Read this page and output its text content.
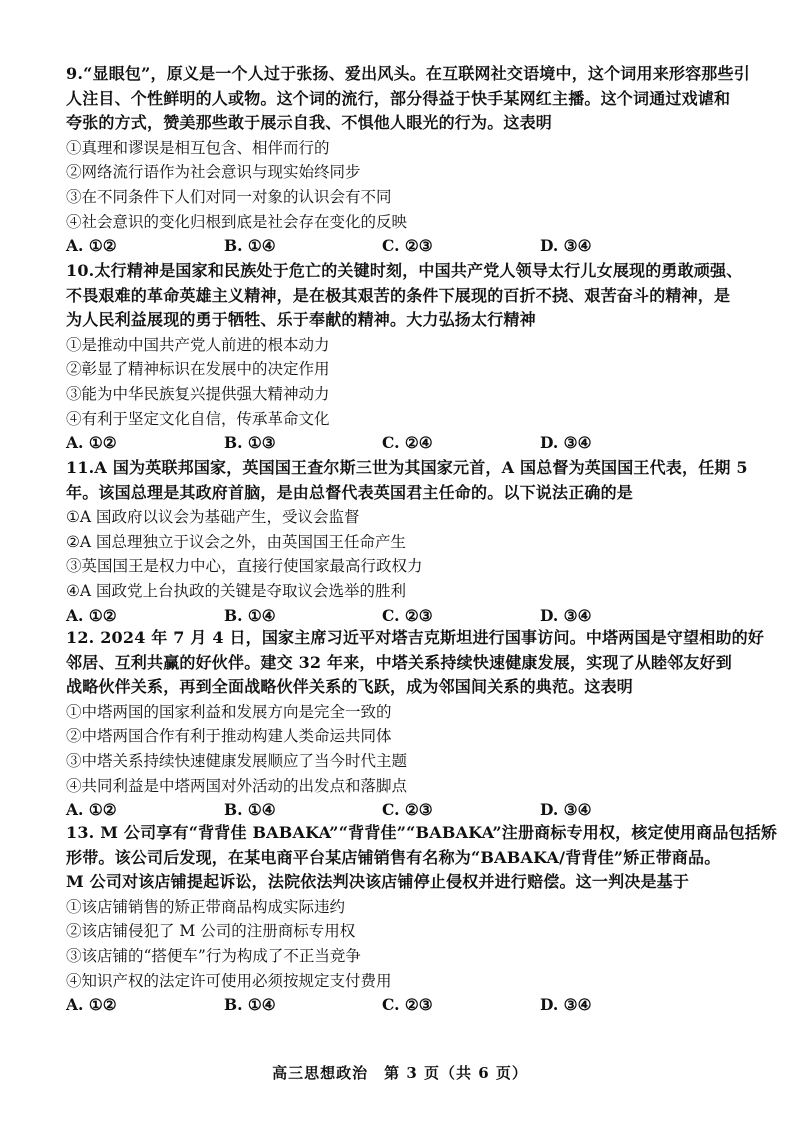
9.“显眼包”，原义是一个人过于张扬、爱出风头。在互联网社交语境中，这个词用来形容那些引
人注目、个性鲜明的人或物。这个词的流行，部分得益于快手某网红主播。这个词通过戏谑和
夸张的方式，赞美那些敢于展示自我、不惧他人眼光的行为。这表明
①真理和谬误是相互包含、相伴而行的
②网络流行语作为社会意识与现实始终同步
③在不同条件下人们对同一对象的认识会有不同
④社会意识的变化归根到底是社会存在变化的反映
A. ①②	B. ①④	C. ②③	D. ③④
10.太行精神是国家和民族处于危亡的关键时刻，中国共产党人领导太行儿女展现的勇敢顽强、
不畏艰难的革命英雄主义精神，是在极其艰苦的条件下展现的百折不挠、艰苦奋斗的精神，是
为人民利益展现的勇于牺牲、乐于奉献的精神。大力弘扬太行精神
①是推动中国共产党人前进的根本动力
②彰显了精神标识在发展中的决定作用
③能为中华民族复兴提供强大精神动力
④有利于坚定文化自信，传承革命文化
A. ①②	B. ①③	C. ②④	D. ③④
11.A 国为英联邦国家，英国国王查尔斯三世为其国家元首，A 国总督为英国国王代表，任期 5
年。该国总理是其政府首脑，是由总督代表英国君主任命的。以下说法正确的是
①A 国政府以议会为基础产生，受议会监督
②A 国总理独立于议会之外，由英国国王任命产生
③英国国王是权力中心，直接行使国家最高行政权力
④A 国政党上台执政的关键是夺取议会选举的胜利
A. ①②	B. ①④	C. ②③	D. ③④
12. 2024 年 7 月 4 日，国家主席习近平对塔吉克斯坦进行国事访问。中塔两国是守望相助的好
邻居、互利共赢的好伙伴。建交 32 年来，中塔关系持续快速健康发展，实现了从睦邻友好到
战略伙伴关系，再到全面战略伙伴关系的飞跃，成为邻国间关系的典范。这表明
①中塔两国的国家利益和发展方向是完全一致的
②中塔两国合作有利于推动构建人类命运共同体
③中塔关系持续快速健康发展顺应了当今时代主题
④共同利益是中塔两国对外活动的出发点和落脚点
A. ①②	B. ①④	C. ②③	D. ③④
13. M 公司享有“背背佳 BABAKA”“背背佳”“BABAKA”注册商标专用权，核定使用商品包括矫
形带。该公司后发现，在某电商平台某店铺销售有名称为“BABAKA/背背佳”矫正带商品。
M 公司对该店铺提起诉讼，法院依法判决该店铺停止侵权并进行赔偿。这一判决是基于
①该店铺销售的矫正带商品构成实际违约
②该店铺侵犯了 M 公司的注册商标专用权
③该店铺的“搭便车”行为构成了不正当竞争
④知识产权的法定许可使用必须按规定支付费用
A. ①②	B. ①④	C. ②③	D. ③④
高三思想政治　第 3 页（共 6 页）
